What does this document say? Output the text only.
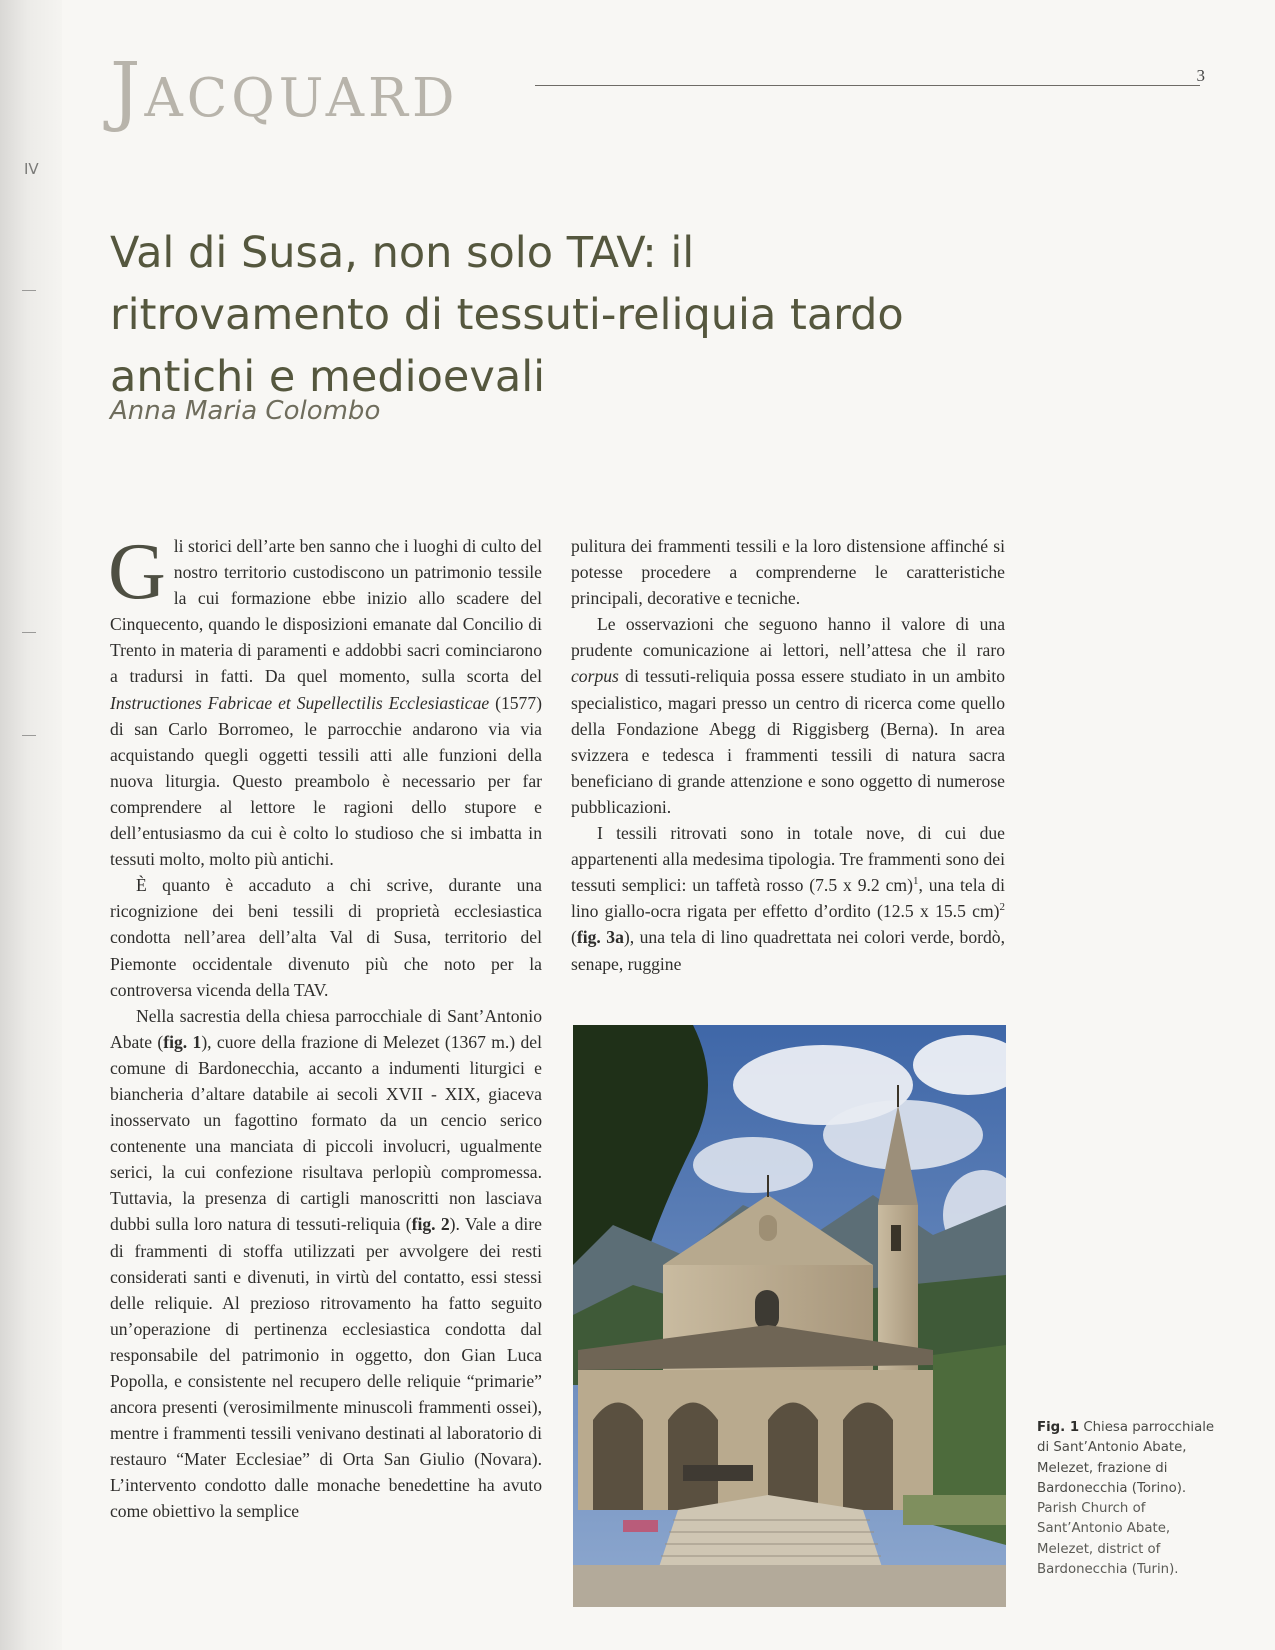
IV
Jacquard	3
Val di Susa, non solo TAV: il ritrovamento di tessuti-reliquia tardo antichi e medioevali
Anna Maria Colombo

Gli storici dell’arte ben sanno che i luoghi di culto del nostro territorio custodiscono un patrimonio tessile la cui formazione ebbe inizio allo scadere del Cinquecento, quando le disposizioni emanate dal Concilio di Trento in materia di paramenti e addobbi sacri cominciarono a tradursi in fatti. Da quel momento, sulla scorta del Instructiones Fabricae et Supellectilis Ecclesiasticae (1577) di san Carlo Borromeo, le parrocchie andarono via via acquistando quegli oggetti tessili atti alle funzioni della nuova liturgia. Questo preambolo è necessario per far comprendere al lettore le ragioni dello stupore e dell’entusiasmo da cui è colto lo studioso che si imbatta in tessuti molto, molto più antichi.

È quanto è accaduto a chi scrive, durante una ricognizione dei beni tessili di proprietà ecclesiastica condotta nell’area dell’alta Val di Susa, territorio del Piemonte occidentale divenuto più che noto per la controversa vicenda della TAV.

Nella sacrestia della chiesa parrocchiale di Sant’Antonio Abate (fig. 1), cuore della frazione di Melezet (1367 m.) del comune di Bardonecchia, accanto a indumenti liturgici e biancheria d’altare databile ai secoli XVII - XIX, giaceva inosservato un fagottino formato da un cencio serico contenente una manciata di piccoli involucri, ugualmente serici, la cui confezione risultava perlopiù compromessa. Tuttavia, la presenza di cartigli manoscritti non lasciava dubbi sulla loro natura di tessuti-reliquia (fig. 2). Vale a dire di frammenti di stoffa utilizzati per avvolgere dei resti considerati santi e divenuti, in virtù del contatto, essi stessi delle reliquie. Al prezioso ritrovamento ha fatto seguito un’operazione di pertinenza ecclesiastica condotta dal responsabile del patrimonio in oggetto, don Gian Luca Popolla, e consistente nel recupero delle reliquie “primarie” ancora presenti (verosimilmente minuscoli frammenti ossei), mentre i frammenti tessili venivano destinati al laboratorio di restauro “Mater Ecclesiae” di Orta San Giulio (Novara). L’intervento condotto dalle monache benedettine ha avuto come obiettivo la semplice

pulitura dei frammenti tessili e la loro distensione affinché si potesse procedere a comprenderne le caratteristiche principali, decorative e tecniche.

Le osservazioni che seguono hanno il valore di una prudente comunicazione ai lettori, nell’attesa che il raro corpus di tessuti-reliquia possa essere studiato in un ambito specialistico, magari presso un centro di ricerca come quello della Fondazione Abegg di Riggisberg (Berna). In area svizzera e tedesca i frammenti tessili di natura sacra beneficiano di grande attenzione e sono oggetto di numerose pubblicazioni.

I tessili ritrovati sono in totale nove, di cui due appartenenti alla medesima tipologia. Tre frammenti sono dei tessuti semplici: un taffetà rosso (7.5 x 9.2 cm)$^1$, una tela di lino giallo-ocra rigata per effetto d’ordito (12.5 x 15.5 cm)$^2$ (fig. 3a), una tela di lino quadrettata nei colori verde, bordò, senape, ruggine

Fig. 1 Chiesa parrocchiale di Sant’Antonio Abate, Melezet, frazione di Bardonecchia (Torino). Parish Church of Sant’Antonio Abate, Melezet, district of Bardonecchia (Turin).
